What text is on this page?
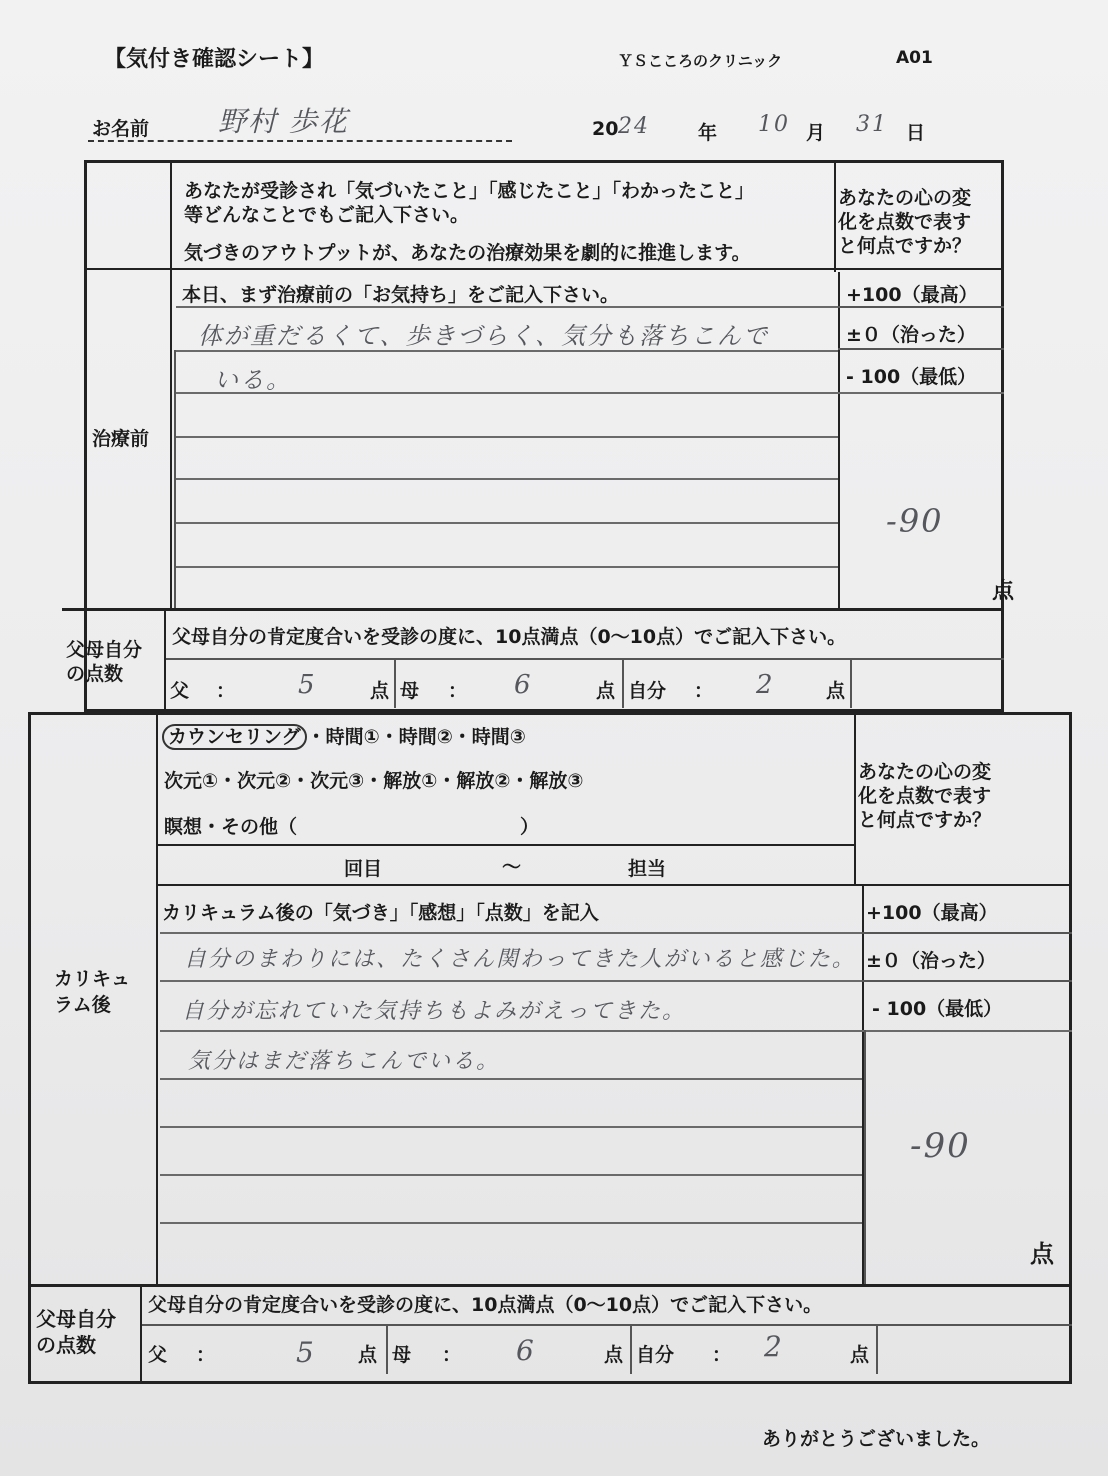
【気付き確認シート】	ＹＳこころのクリニック	A01
お名前 野村 歩花	20 24	年 10 月 31 日
あなたが受診され「気づいたこと」「感じたこと」「わかったこと」
等どんなことでもご記入下さい。
気づきのアウトプットが、あなたの治療効果を劇的に推進します。
あなたの心の変
化を点数で表す
と何点ですか？
治療前
本日、まず治療前の「お気持ち」をご記入下さい。	+100（最高）
±０（治った）
- 100（最低）
体が重だるくて、歩きづらく、気分も落ちこんで
いる。
-90
点
父母自分
の点数
父母自分の肯定度合いを受診の度に、10点満点（0〜10点）でご記入下さい。
父 ： 5	点 母 ： 6	点 自分 ： 2	点
カウンセリング ・時間①・時間②・時間③
次元①・次元②・次元③・解放①・解放②・解放③
瞑想・その他（	）
回目	〜	担当
あなたの心の変
化を点数で表す
と何点ですか？
カリキュ
ラム後
カリキュラム後の「気づき」「感想」「点数」を記入	+100（最高）
±０（治った）
- 100（最低）
自分のまわりには、たくさん関わってきた人がいると感じた。
自分が忘れていた気持ちもよみがえってきた。
気分はまだ落ちこんでいる。
-90
点
父母自分
の点数
父母自分の肯定度合いを受診の度に、10点満点（0〜10点）でご記入下さい。
父 ：	5 点 母 ： 6	点 自分 ： 2	点
ありがとうございました。
